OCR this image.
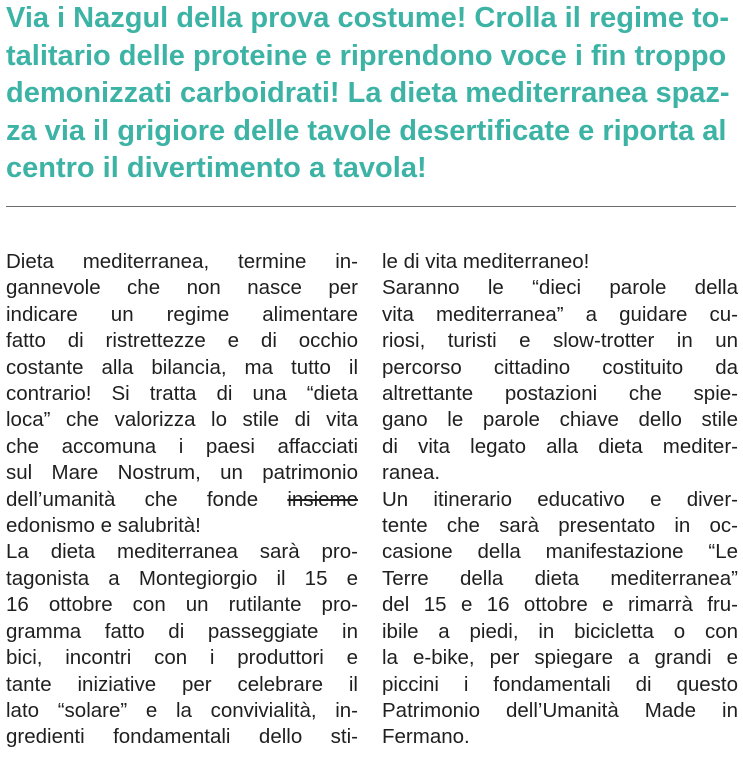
Via i Nazgul della prova costume! Crolla il regime to-
talitario delle proteine e riprendono voce i fin troppo
demonizzati carboidrati! La dieta mediterranea spaz-
za via il grigiore delle tavole desertificate e riporta al
centro il divertimento a tavola!
Dieta mediterranea, termine in-
gannevole che non nasce per
indicare un regime alimentare
fatto di ristrettezze e di occhio
costante alla bilancia, ma tutto il
contrario! Si tratta di una “dieta
loca” che valorizza lo stile di vita
che accomuna i paesi affacciati
sul Mare Nostrum, un patrimonio
dell’umanità che fonde insieme
edonismo e salubrità!
La dieta mediterranea sarà pro-
tagonista a Montegiorgio il 15 e
16 ottobre con un rutilante pro-
gramma fatto di passeggiate in
bici, incontri con i produttori e
tante iniziative per celebrare il
lato “solare” e la convivialità, in-
gredienti fondamentali dello sti-
le di vita mediterraneo!
Saranno le “dieci parole della
vita mediterranea” a guidare cu-
riosi, turisti e slow-trotter in un
percorso cittadino costituito da
altrettante postazioni che spie-
gano le parole chiave dello stile
di vita legato alla dieta mediter-
ranea.
Un itinerario educativo e diver-
tente che sarà presentato in oc-
casione della manifestazione “Le
Terre della dieta mediterranea”
del 15 e 16 ottobre e rimarrà fru-
ibile a piedi, in bicicletta o con
la e-bike, per spiegare a grandi e
piccini i fondamentali di questo
Patrimonio dell’Umanità Made in
Fermano.
